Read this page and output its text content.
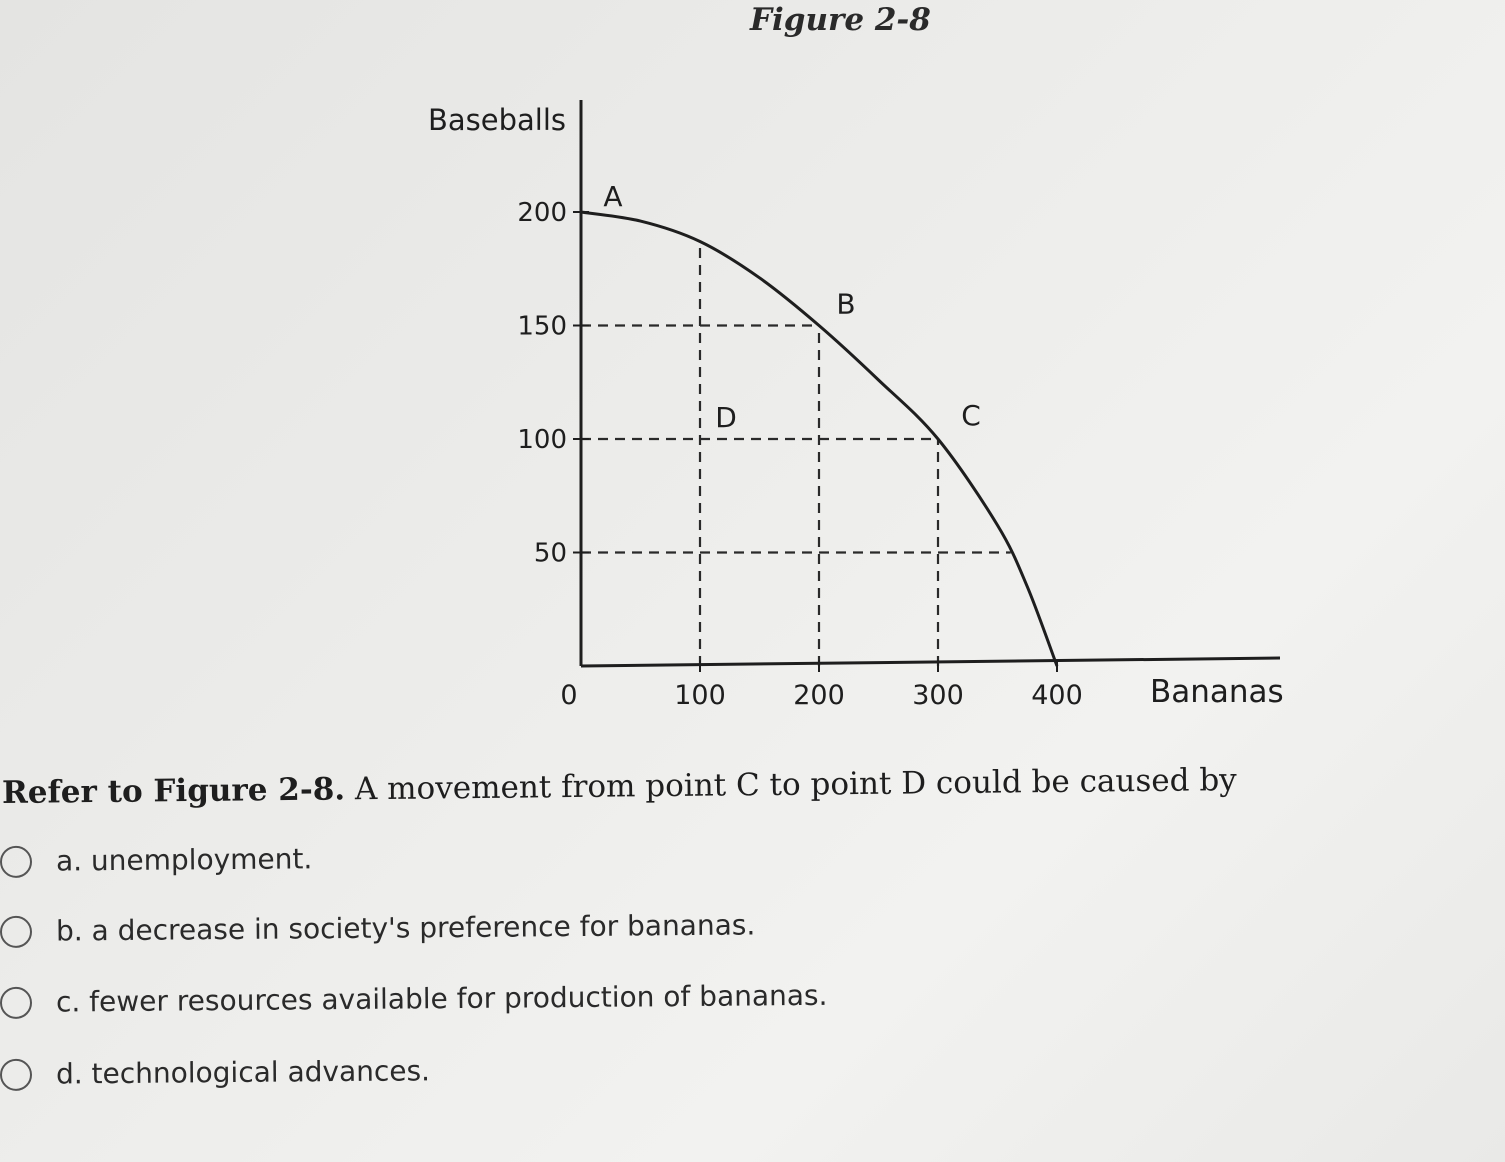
Figure 2-8
50
100
150
200
0	100 200 300 400
Baseballs
Bananas
A
B
C
D

Refer to Figure 2-8. A movement from point C to point D could be caused by

a. unemployment.
b. a decrease in society's preference for bananas.
c. fewer resources available for production of bananas.
d. technological advances.
